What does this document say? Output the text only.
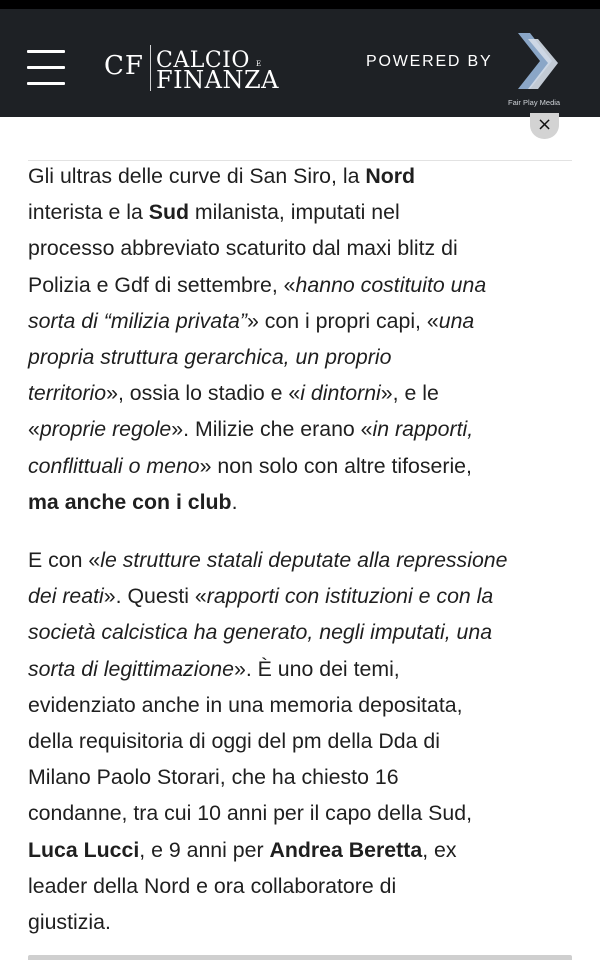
CF CALCIO E
FINANZA
POWERED BY
Fair Play Media
×

Gli ultras delle curve di San Siro, la Nord
interista e la Sud milanista, imputati nel
processo abbreviato scaturito dal maxi blitz di
Polizia e Gdf di settembre, «hanno costituito una
sorta di “milizia privata”» con i propri capi, «una
propria struttura gerarchica, un proprio
territorio», ossia lo stadio e «i dintorni», e le
«proprie regole». Milizie che erano «in rapporti,
conflittuali o meno» non solo con altre tifoserie,
ma anche con i club.

E con «le strutture statali deputate alla repressione
dei reati». Questi «rapporti con istituzioni e con la
società calcistica ha generato, negli imputati, una
sorta di legittimazione». È uno dei temi,
evidenziato anche in una memoria depositata,
della requisitoria di oggi del pm della Dda di
Milano Paolo Storari, che ha chiesto 16
condanne, tra cui 10 anni per il capo della Sud,
Luca Lucci, e 9 anni per Andrea Beretta, ex
leader della Nord e ora collaboratore di
giustizia.
